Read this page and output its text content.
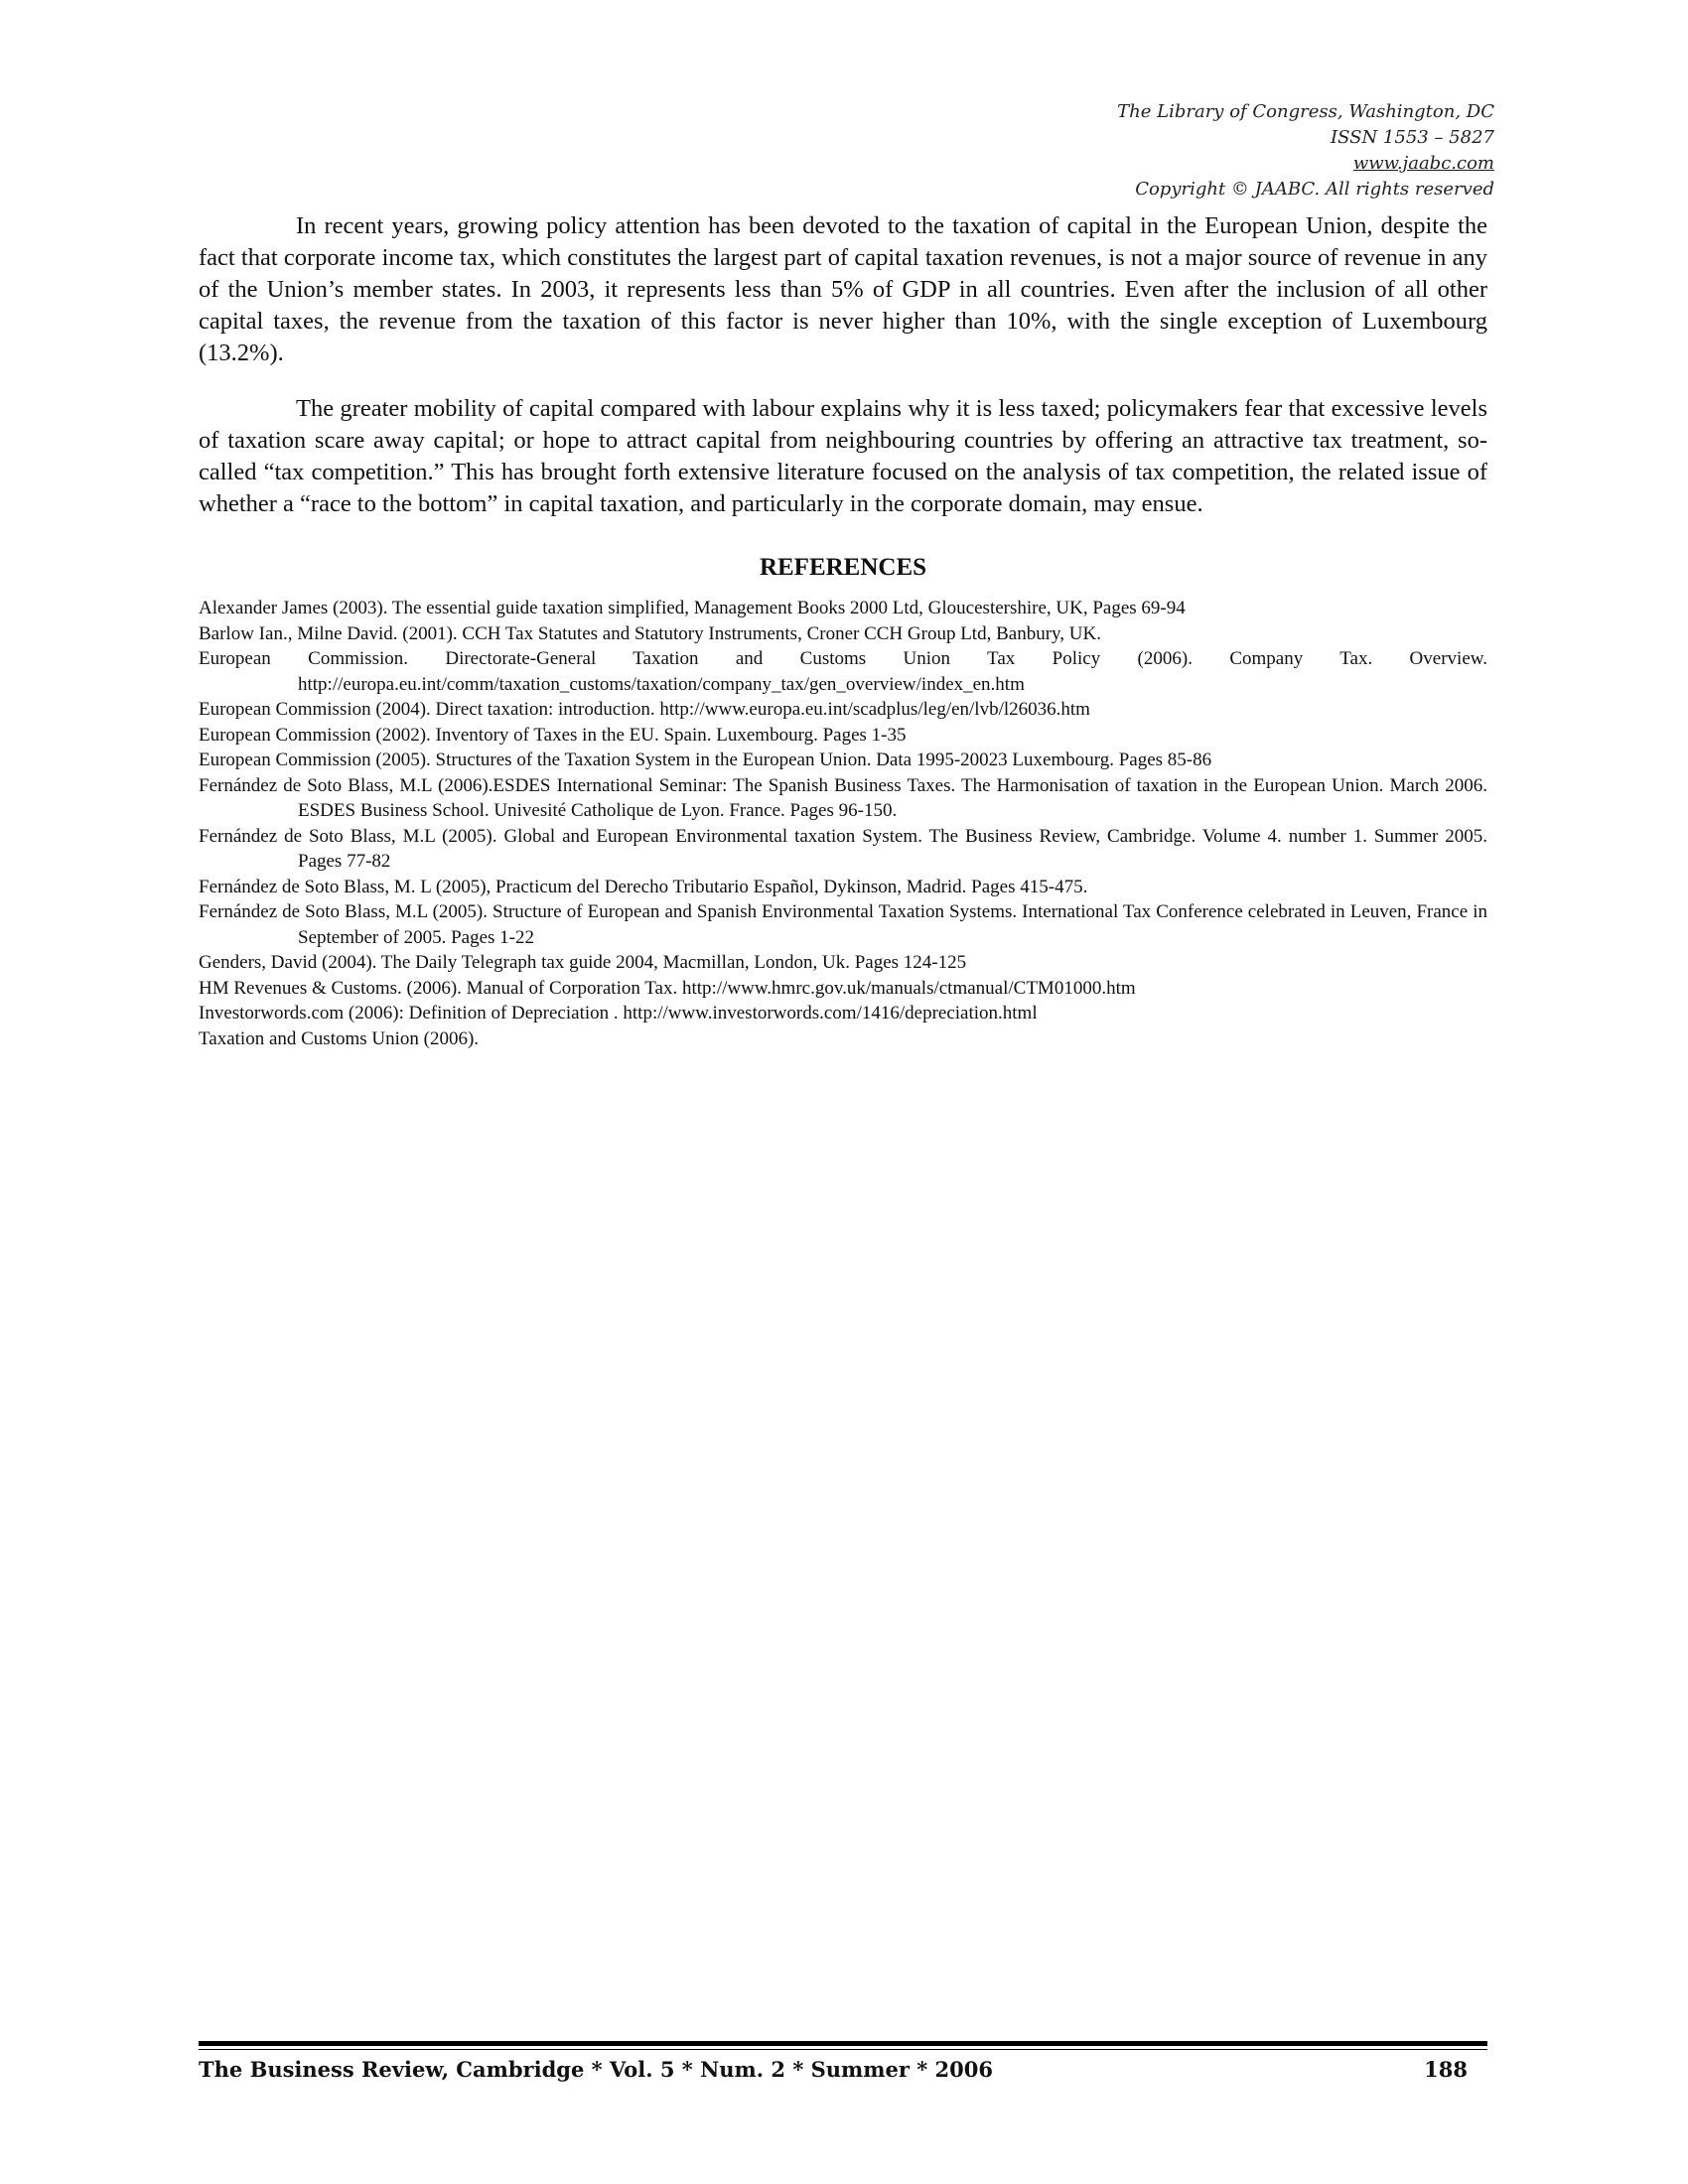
The Library of Congress, Washington, DC
ISSN 1553 – 5827
www.jaabc.com
Copyright © JAABC. All rights reserved

In recent years, growing policy attention has been devoted to the taxation of capital in the European Union, despite the fact that corporate income tax, which constitutes the largest part of capital taxation revenues, is not a major source of revenue in any of the Union’s member states. In 2003, it represents less than 5% of GDP in all countries. Even after the inclusion of all other capital taxes, the revenue from the taxation of this factor is never higher than 10%, with the single exception of Luxembourg (13.2%).

The greater mobility of capital compared with labour explains why it is less taxed; policymakers fear that excessive levels of taxation scare away capital; or hope to attract capital from neighbouring countries by offering an attractive tax treatment, so-called “tax competition.” This has brought forth extensive literature focused on the analysis of tax competition, the related issue of whether a “race to the bottom” in capital taxation, and particularly in the corporate domain, may ensue.

REFERENCES

Alexander James (2003). The essential guide taxation simplified, Management Books 2000 Ltd, Gloucestershire, UK, Pages 69-94

Barlow Ian., Milne David. (2001). CCH Tax Statutes and Statutory Instruments, Croner CCH Group Ltd, Banbury, UK.

European Commission. Directorate-General Taxation and Customs Union Tax Policy (2006). Company Tax. Overview. http://europa.eu.int/comm/taxation_customs/taxation/company_tax/gen_overview/index_en.htm

European Commission (2004). Direct taxation: introduction. http://www.europa.eu.int/scadplus/leg/en/lvb/l26036.htm

European Commission (2002). Inventory of Taxes in the EU. Spain. Luxembourg. Pages 1-35

European Commission (2005). Structures of the Taxation System in the European Union. Data 1995-20023 Luxembourg. Pages 85-86

Fernández de Soto Blass, M.L (2006).ESDES International Seminar: The Spanish Business Taxes. The Harmonisation of taxation in the European Union. March 2006. ESDES Business School. Univesité Catholique de Lyon. France. Pages 96-150.

Fernández de Soto Blass, M.L (2005). Global and European Environmental taxation System. The Business Review, Cambridge. Volume 4. number 1. Summer 2005. Pages 77-82

Fernández de Soto Blass, M. L (2005), Practicum del Derecho Tributario Español, Dykinson, Madrid. Pages 415-475.

Fernández de Soto Blass, M.L (2005). Structure of European and Spanish Environmental Taxation Systems. International Tax Conference celebrated in Leuven, France in September of 2005. Pages 1-22

Genders, David (2004). The Daily Telegraph tax guide 2004, Macmillan, London, Uk. Pages 124-125

HM Revenues & Customs. (2006). Manual of Corporation Tax. http://www.hmrc.gov.uk/manuals/ctmanual/CTM01000.htm

Investorwords.com (2006): Definition of Depreciation . http://www.investorwords.com/1416/depreciation.html

Taxation and Customs Union (2006).

The Business Review, Cambridge * Vol. 5 * Num. 2 * Summer * 2006	188
